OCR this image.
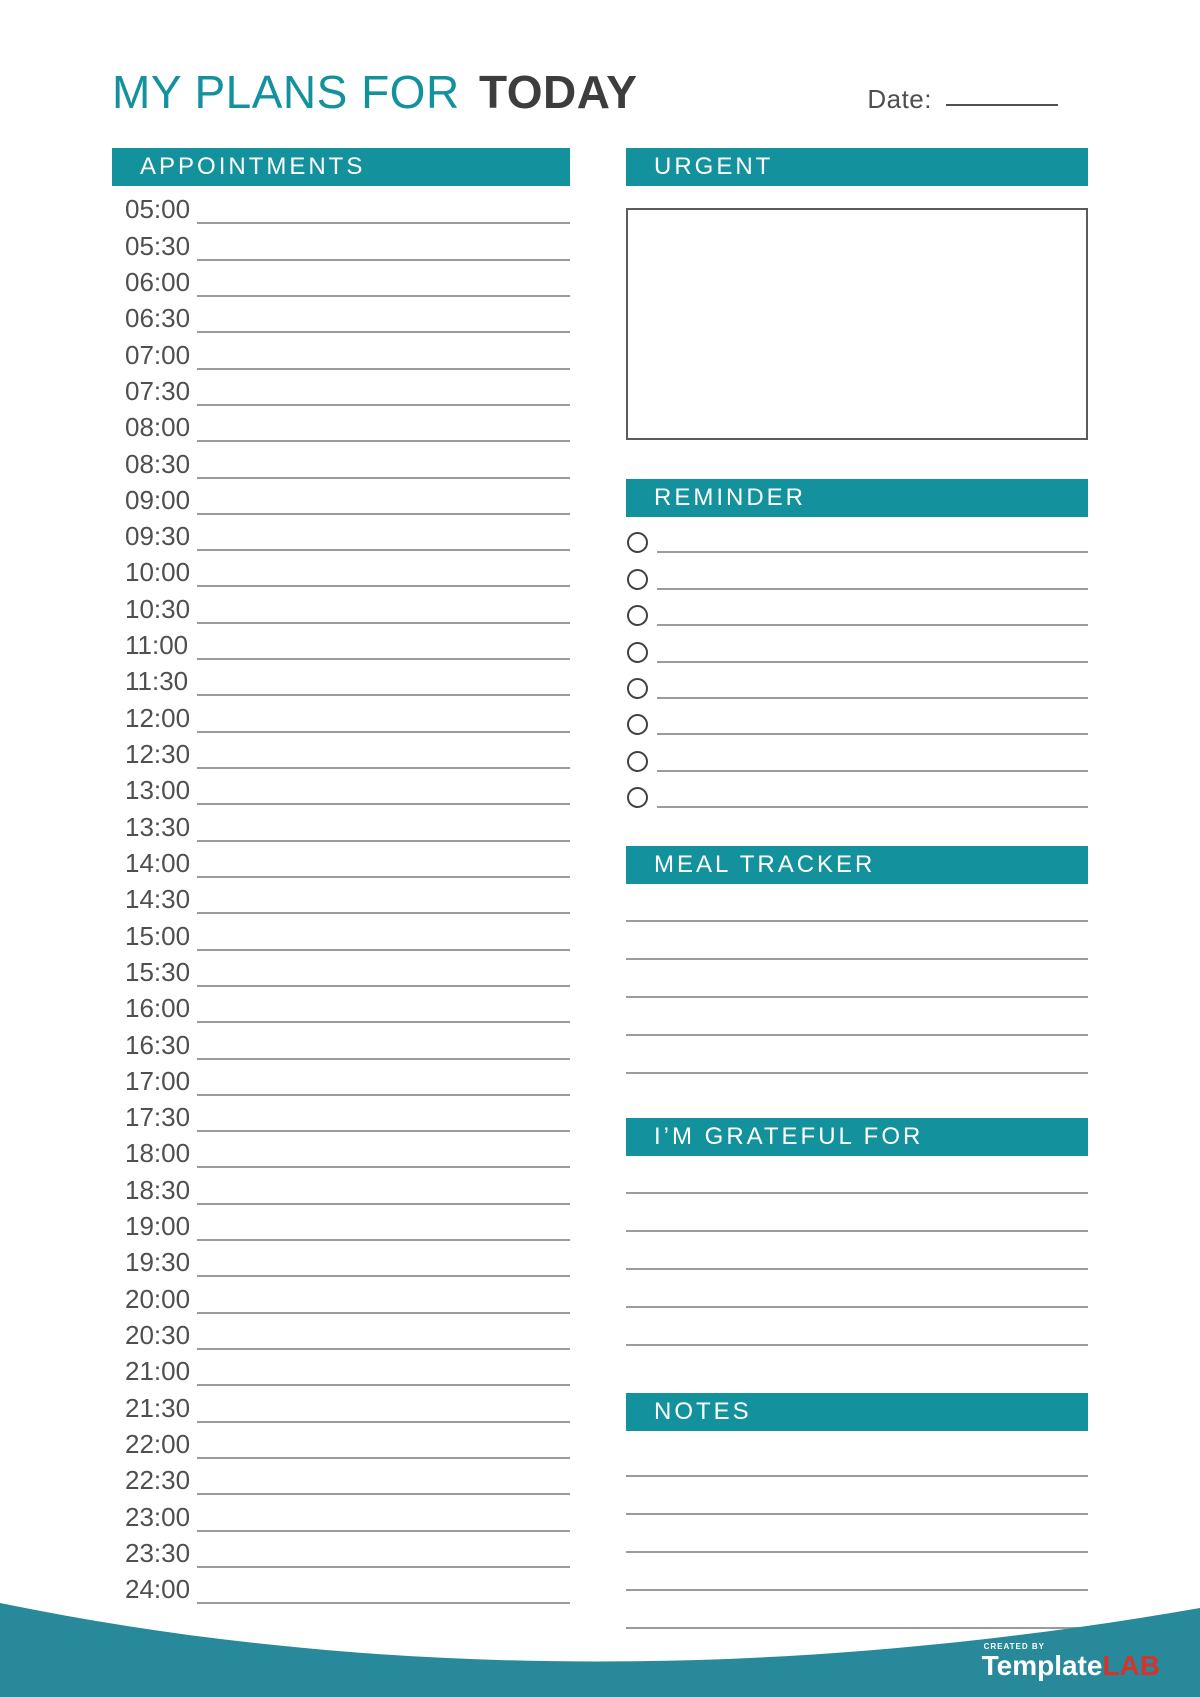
MY PLANS FOR TODAY	Date:
APPOINTMENTS
05:00
05:30
06:00
06:30
07:00
07:30
08:00
08:30
09:00
09:30
10:00
10:30
11:00
11:30
12:00
12:30
13:00
13:30
14:00
14:30
15:00
15:30
16:00
16:30
17:00
17:30
18:00
18:30
19:00
19:30
20:00
20:30
21:00
21:30
22:00
22:30
23:00
23:30
24:00
URGENT
REMINDER
MEAL TRACKER
I’M GRATEFUL FOR
NOTES
CREATED BY
TemplateLAB
